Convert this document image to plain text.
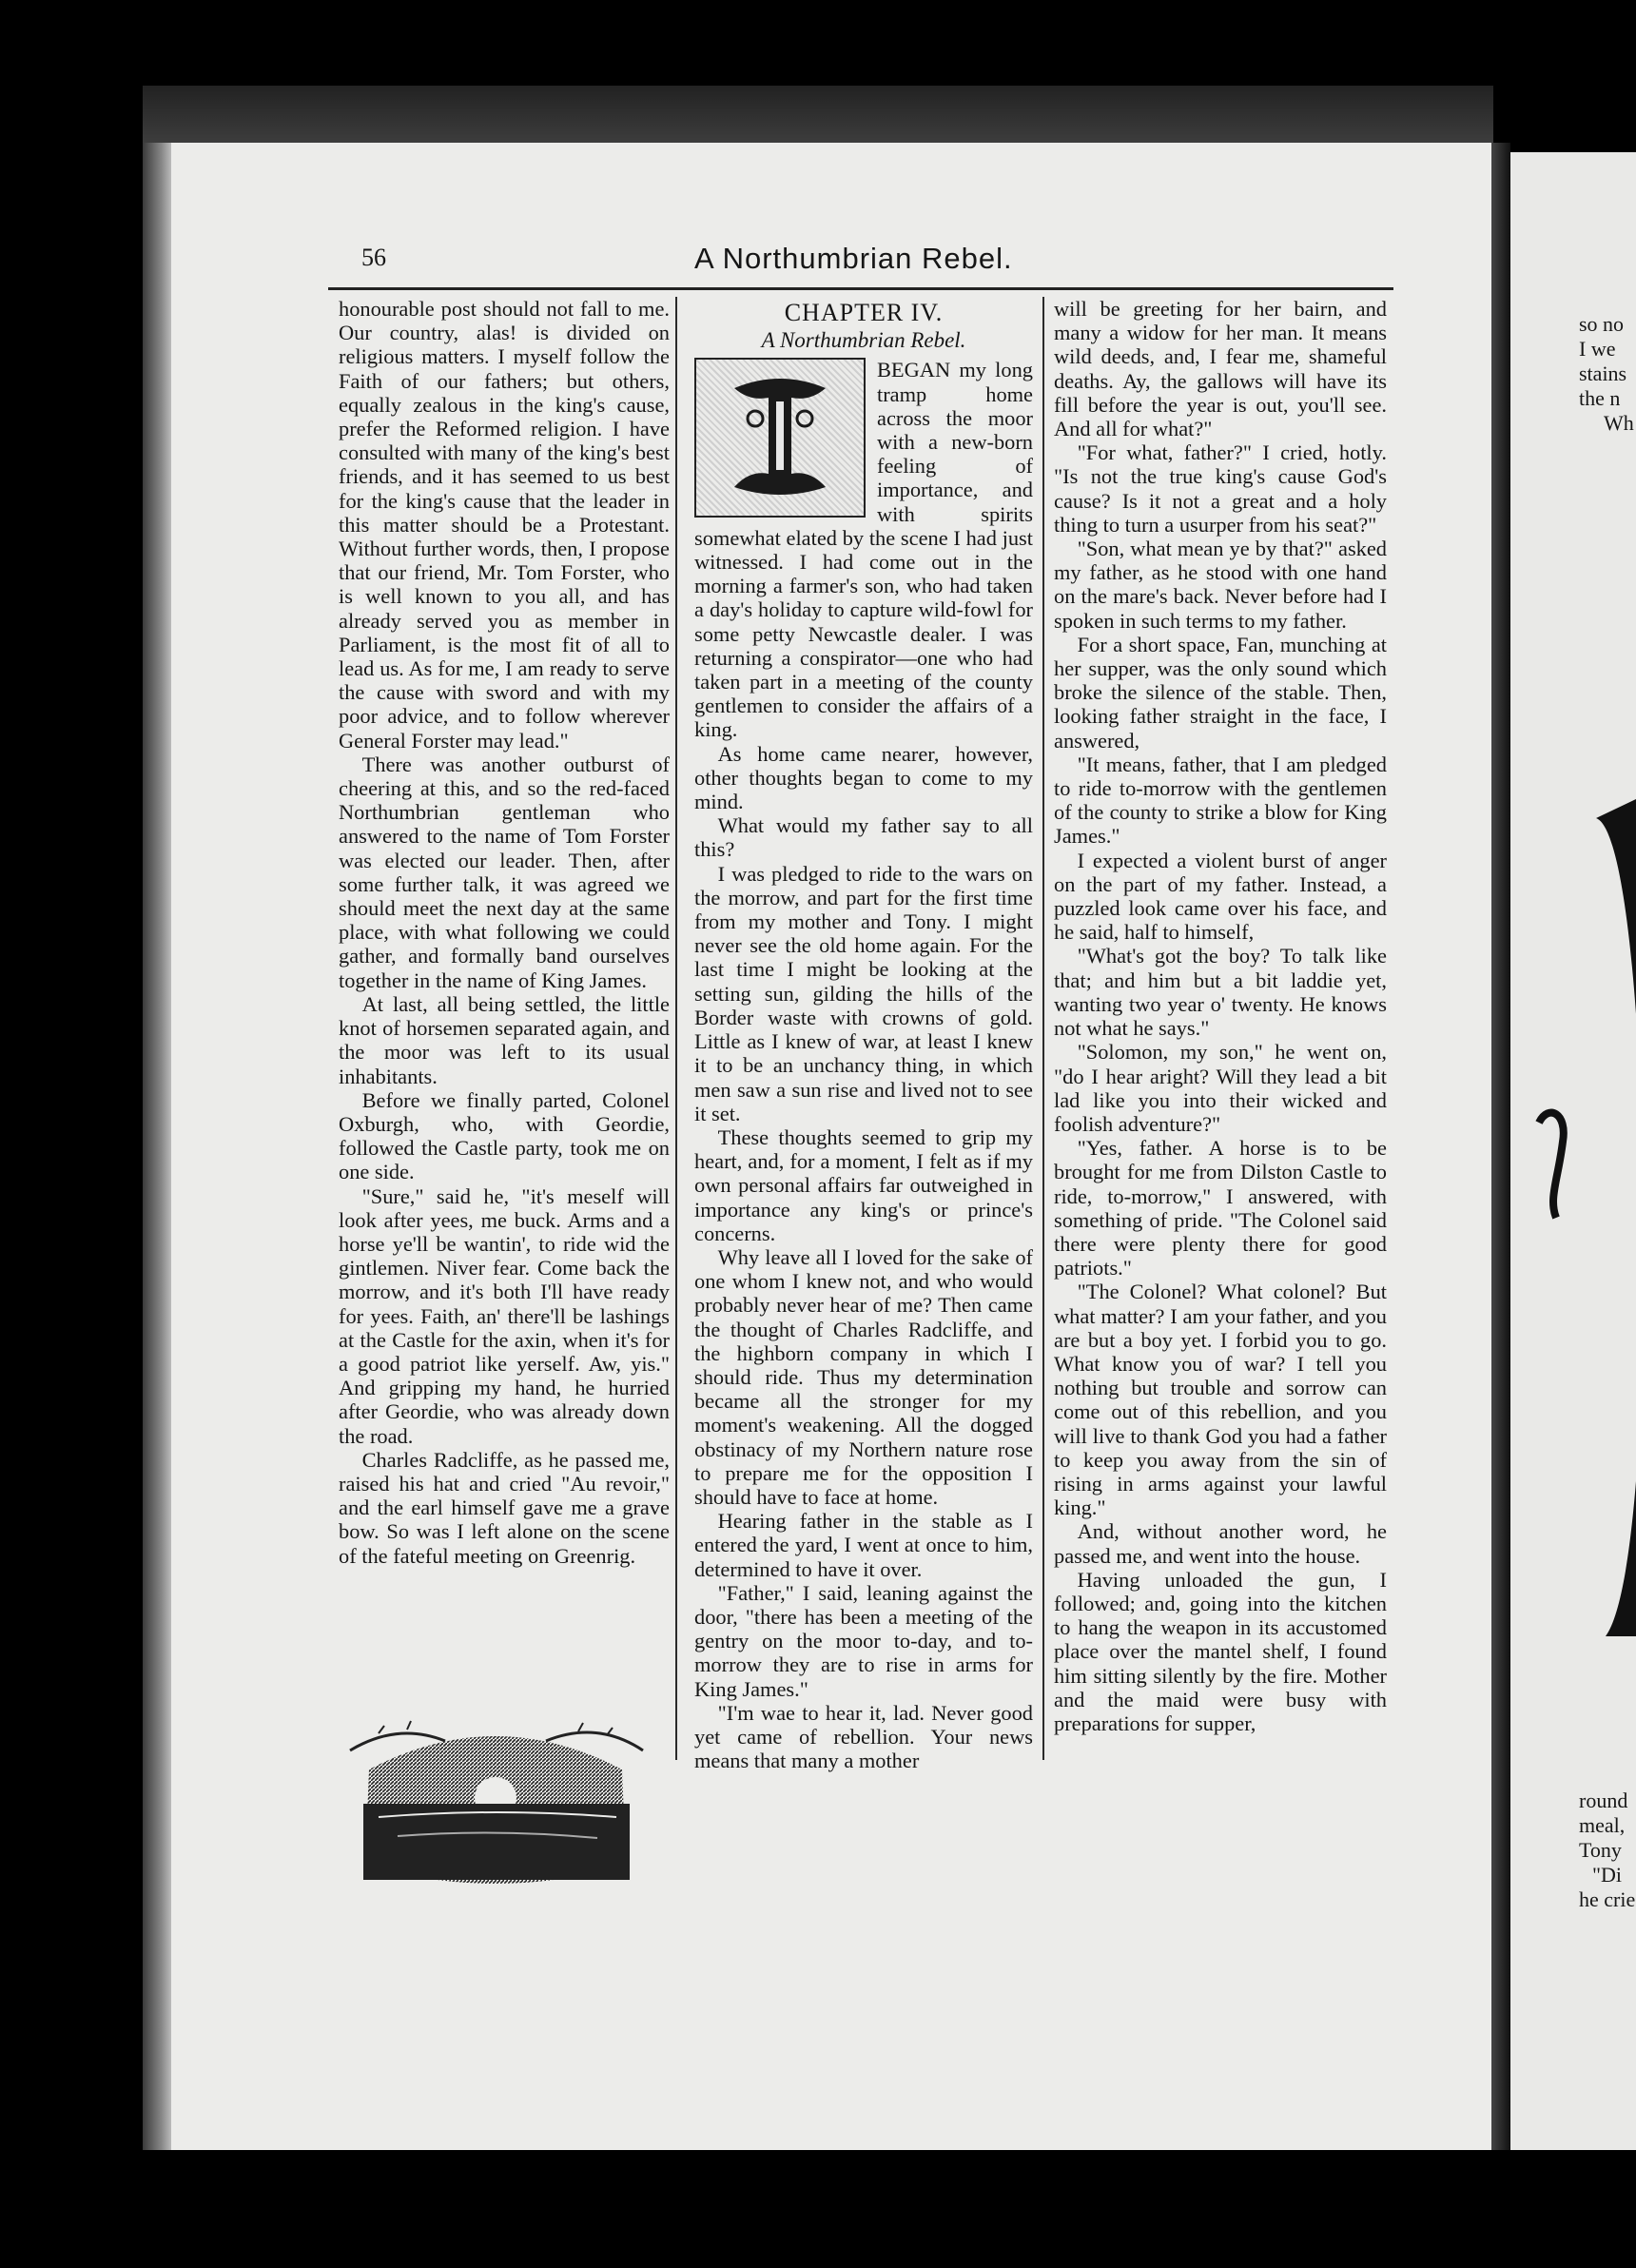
so no
I we
stains
the n
Wh
round
meal,
Tony
"Di
he crie
56	A Northumbrian Rebel.

honourable post should not fall to me. Our country, alas! is divided on religious matters. I myself follow the Faith of our fathers; but others, equally zealous in the king's cause, prefer the Reformed religion. I have consulted with many of the king's best friends, and it has seemed to us best for the king's cause that the leader in this matter should be a Protestant. Without further words, then, I propose that our friend, Mr. Tom Forster, who is well known to you all, and has already served you as member in Parliament, is the most fit of all to lead us. As for me, I am ready to serve the cause with sword and with my poor advice, and to follow wherever General Forster may lead."

There was another outburst of cheering at this, and so the red-faced Northumbrian gentleman who answered to the name of Tom Forster was elected our leader. Then, after some further talk, it was agreed we should meet the next day at the same place, with what following we could gather, and formally band ourselves together in the name of King James.

At last, all being settled, the little knot of horsemen separated again, and the moor was left to its usual inhabitants.

Before we finally parted, Colonel Oxburgh, who, with Geordie, followed the Castle party, took me on one side.

"Sure," said he, "it's meself will look after yees, me buck. Arms and a horse ye'll be wantin', to ride wid the gintlemen. Niver fear. Come back the morrow, and it's both I'll have ready for yees. Faith, an' there'll be lashings at the Castle for the axin, when it's for a good patriot like yerself. Aw, yis." And gripping my hand, he hurried after Geordie, who was already down the road.

Charles Radcliffe, as he passed me, raised his hat and cried "Au revoir," and the earl himself gave me a grave bow. So was I left alone on the scene of the fateful meeting on Greenrig.

CHAPTER IV.
A Northumbrian Rebel.

BEGAN my long tramp home across the moor with a new-born feeling of importance, and with spirits somewhat elated by the scene I had just witnessed. I had come out in the morning a farmer's son, who had taken a day's holiday to capture wild-fowl for some petty Newcastle dealer. I was returning a conspirator—one who had taken part in a meeting of the county gentlemen to consider the affairs of a king.

As home came nearer, however, other thoughts began to come to my mind.

What would my father say to all this?

I was pledged to ride to the wars on the morrow, and part for the first time from my mother and Tony. I might never see the old home again. For the last time I might be looking at the setting sun, gilding the hills of the Border waste with crowns of gold. Little as I knew of war, at least I knew it to be an unchancy thing, in which men saw a sun rise and lived not to see it set.

These thoughts seemed to grip my heart, and, for a moment, I felt as if my own personal affairs far outweighed in importance any king's or prince's concerns.

Why leave all I loved for the sake of one whom I knew not, and who would probably never hear of me? Then came the thought of Charles Radcliffe, and the highborn company in which I should ride. Thus my determination became all the stronger for my moment's weakening. All the dogged obstinacy of my Northern nature rose to prepare me for the opposition I should have to face at home.

Hearing father in the stable as I entered the yard, I went at once to him, determined to have it over.

"Father," I said, leaning against the door, "there has been a meeting of the gentry on the moor to-day, and to-morrow they are to rise in arms for King James."

"I'm wae to hear it, lad. Never good yet came of rebellion. Your news means that many a mother

will be greeting for her bairn, and many a widow for her man. It means wild deeds, and, I fear me, shameful deaths. Ay, the gallows will have its fill before the year is out, you'll see. And all for what?"

"For what, father?" I cried, hotly. "Is not the true king's cause God's cause? Is it not a great and a holy thing to turn a usurper from his seat?"

"Son, what mean ye by that?" asked my father, as he stood with one hand on the mare's back. Never before had I spoken in such terms to my father.

For a short space, Fan, munching at her supper, was the only sound which broke the silence of the stable. Then, looking father straight in the face, I answered,

"It means, father, that I am pledged to ride to-morrow with the gentlemen of the county to strike a blow for King James."

I expected a violent burst of anger on the part of my father. Instead, a puzzled look came over his face, and he said, half to himself,

"What's got the boy? To talk like that; and him but a bit laddie yet, wanting two year o' twenty. He knows not what he says."

"Solomon, my son," he went on, "do I hear aright? Will they lead a bit lad like you into their wicked and foolish adventure?"

"Yes, father. A horse is to be brought for me from Dilston Castle to ride, to-morrow," I answered, with something of pride. "The Colonel said there were plenty there for good patriots."

"The Colonel? What colonel? But what matter? I am your father, and you are but a boy yet. I forbid you to go. What know you of war? I tell you nothing but trouble and sorrow can come out of this rebellion, and you will live to thank God you had a father to keep you away from the sin of rising in arms against your lawful king."

And, without another word, he passed me, and went into the house.

Having unloaded the gun, I followed; and, going into the kitchen to hang the weapon in its accustomed place over the mantel shelf, I found him sitting silently by the fire. Mother and the maid were busy with preparations for supper,
